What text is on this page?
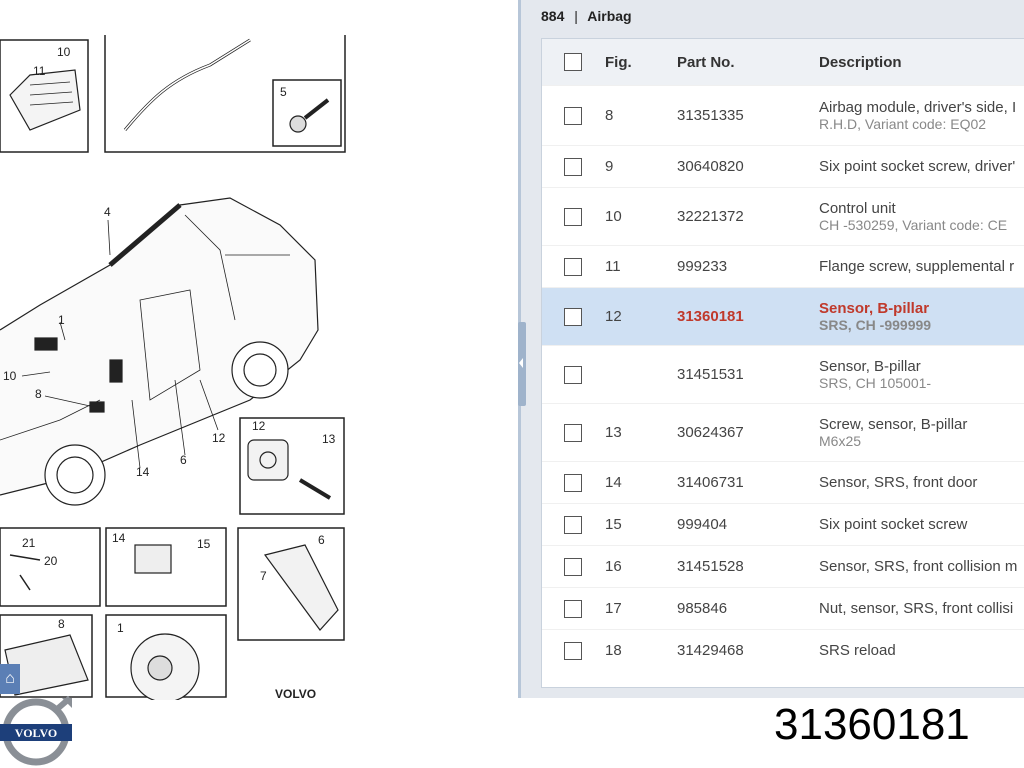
10
11
5
4
1
10
8
12
14
6
12
13
21
20
14	15	6
7
8	1
VOLVO
⌂
884 | Airbag
	Fig.	Part No.	Description
	8	31351335	Airbag module, driver's side, I
R.H.D, Variant code: EQ02

	9	30640820	Six point socket screw, driver'

	10	32221372	Control unit
CH -530259, Variant code: CE

	11	999233	Flange screw, supplemental r

	12	31360181	Sensor, B-pillar
SRS, CH -999999

		31451531	Sensor, B-pillar
SRS, CH 105001-

	13	30624367	Screw, sensor, B-pillar
M6x25

	14	31406731	Sensor, SRS, front door

	15	999404	Six point socket screw

	16	31451528	Sensor, SRS, front collision m

	17	985846	Nut, sensor, SRS, front collisi

	18	31429468	SRS reload
VOLVO	31360181
